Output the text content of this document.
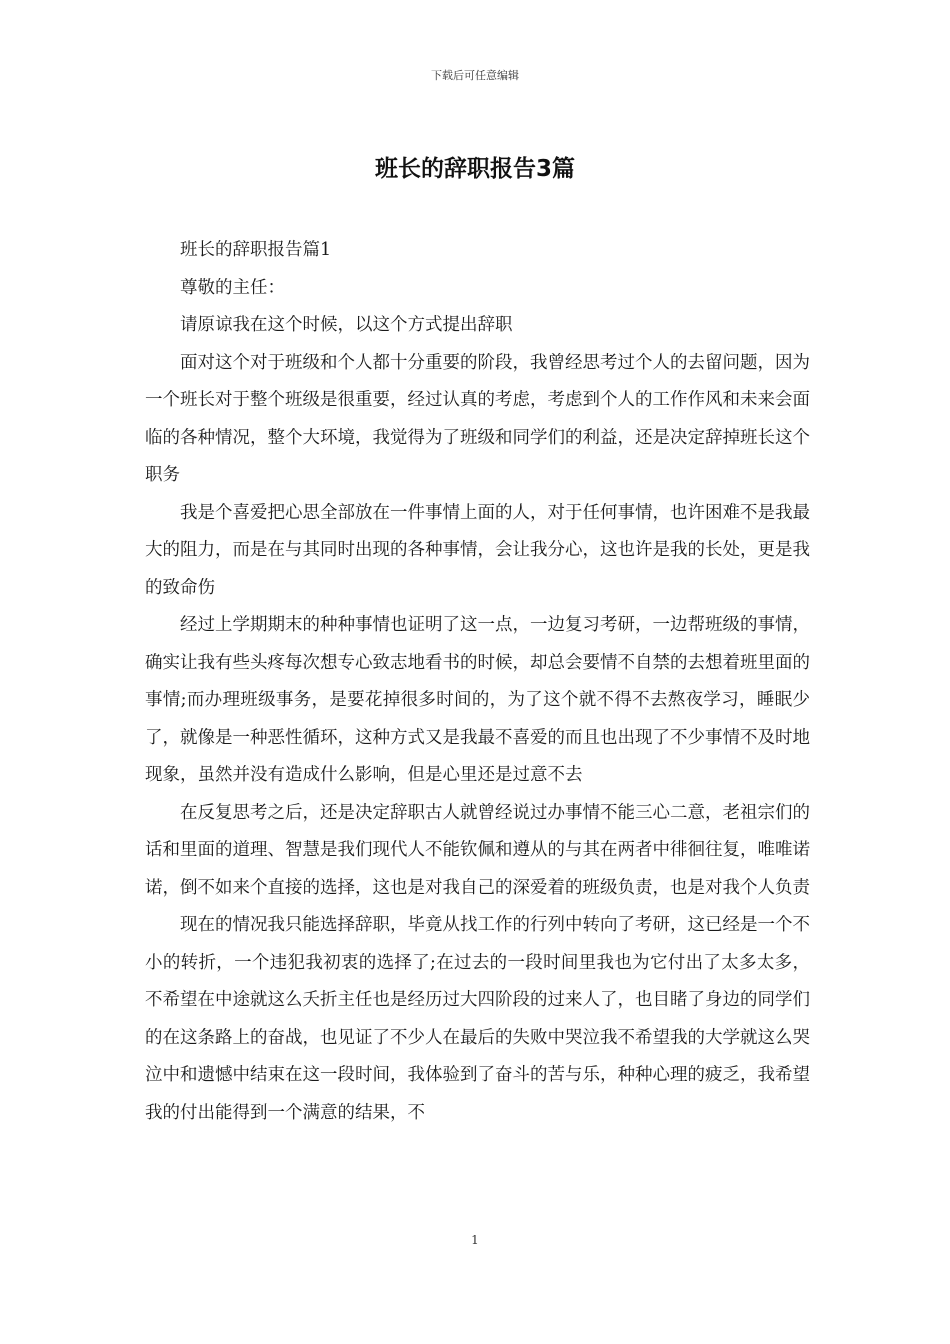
下载后可任意编辑
班长的辞职报告3篇

班长的辞职报告篇1

尊敬的主任：

请原谅我在这个时候，以这个方式提出辞职

面对这个对于班级和个人都十分重要的阶段，我曾经思考过个人的去留问题，因为一个班长对于整个班级是很重要，经过认真的考虑，考虑到个人的工作作风和未来会面临的各种情况，整个大环境，我觉得为了班级和同学们的利益，还是决定辞掉班长这个职务

我是个喜爱把心思全部放在一件事情上面的人，对于任何事情，也许困难不是我最大的阻力，而是在与其同时出现的各种事情，会让我分心，这也许是我的长处，更是我的致命伤

经过上学期期末的种种事情也证明了这一点，一边复习考研，一边帮班级的事情，确实让我有些头疼每次想专心致志地看书的时候，却总会要情不自禁的去想着班里面的事情;而办理班级事务，是要花掉很多时间的，为了这个就不得不去熬夜学习，睡眠少了，就像是一种恶性循环，这种方式又是我最不喜爱的而且也出现了不少事情不及时地现象，虽然并没有造成什么影响，但是心里还是过意不去

在反复思考之后，还是决定辞职古人就曾经说过办事情不能三心二意，老祖宗们的话和里面的道理、智慧是我们现代人不能钦佩和遵从的与其在两者中徘徊往复，唯唯诺诺，倒不如来个直接的选择，这也是对我自己的深爱着的班级负责，也是对我个人负责

现在的情况我只能选择辞职，毕竟从找工作的行列中转向了考研，这已经是一个不小的转折，一个违犯我初衷的选择了;在过去的一段时间里我也为它付出了太多太多，不希望在中途就这么夭折主任也是经历过大四阶段的过来人了，也目睹了身边的同学们的在这条路上的奋战，也见证了不少人在最后的失败中哭泣我不希望我的大学就这么哭泣中和遗憾中结束在这一段时间，我体验到了奋斗的苦与乐，种种心理的疲乏，我希望我的付出能得到一个满意的结果，不

1
